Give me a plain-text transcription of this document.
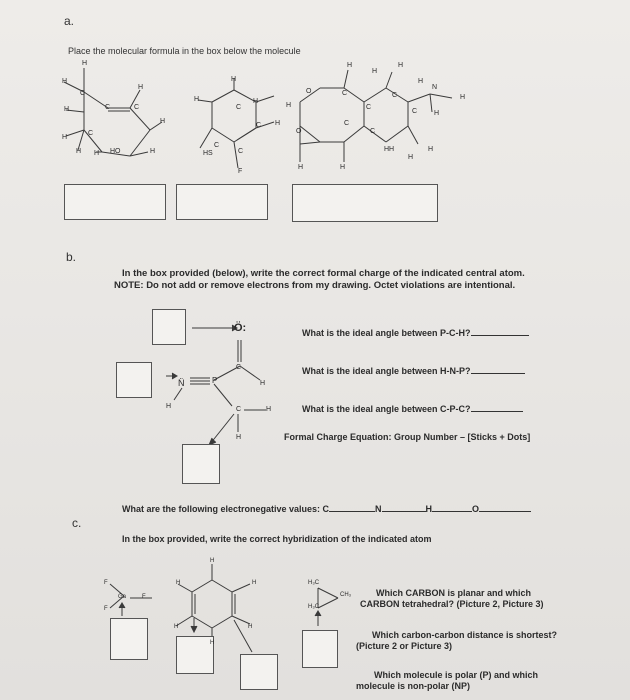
a.
Place the molecular formula in the box below the molecule
H
H
H
H
C
C	C
H
H
C
H H HO	H
H
H
C
H
C H
C
HS	C
F
H
H
H
H
N
H
H
H
O	C
C
C
C
O
C
C
HH	H
H
H	H
b.
In the box provided (below), write the correct formal charge of the indicated central atom.
NOTE: Do not add or remove electrons from my drawing. Octet violations are intentional.
Ö:
C
H
N̈	P
H	C	H
H
What is the ideal angle between P-C-H?
What is the ideal angle between H-N-P?
What is the ideal angle between C-P-C?
Formal Charge Equation: Group Number – [Sticks + Dots]
What are the following electronegative values: C	N	H	O
c.
In the box provided, write the correct hybridization of the indicated atom
Ga	F
F
F
H
H	H
H	H
H
H₃C
CH₃
H₃C
Which CARBON is planar and which
CARBON tetrahedral? (Picture 2, Picture 3)
Which carbon-carbon distance is shortest?
(Picture 2 or Picture 3)
Which molecule is polar (P) and which
molecule is non-polar (NP)
